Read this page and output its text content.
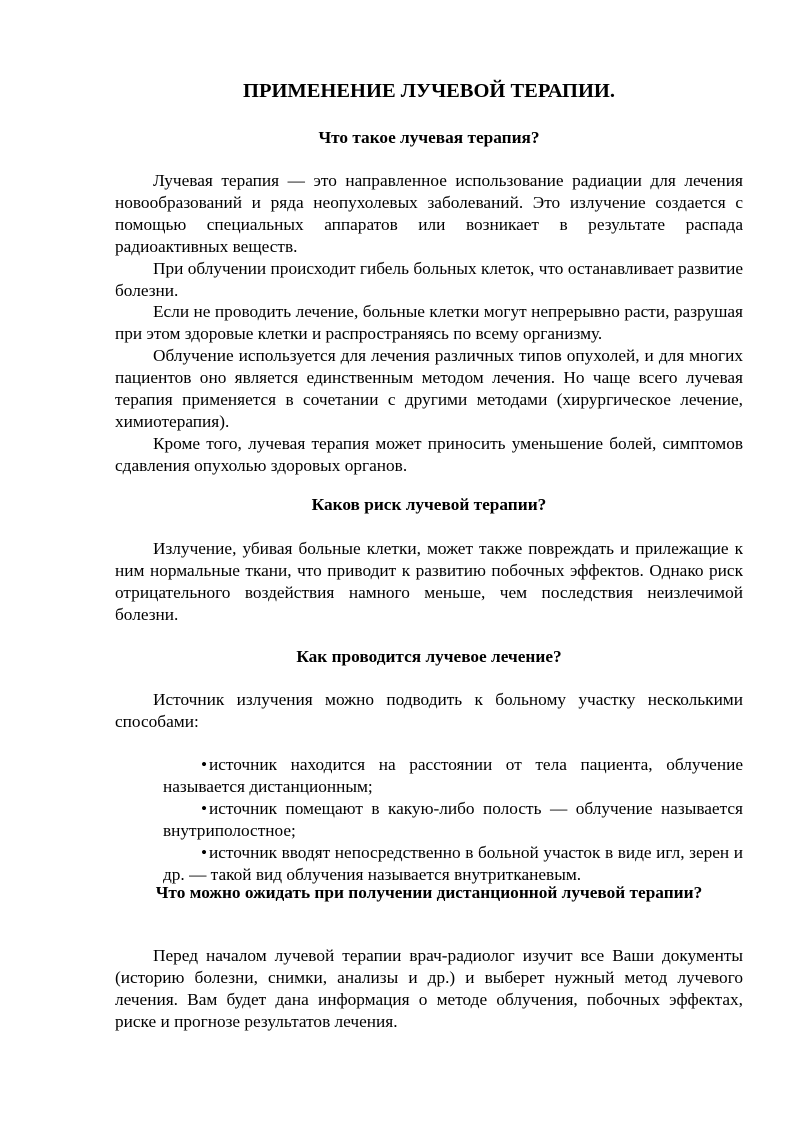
ПРИМЕНЕНИЕ ЛУЧЕВОЙ ТЕРАПИИ.

Что такое лучевая терапия?

Лучевая терапия — это направленное использование радиации для лечения новообразований и ряда неопухолевых заболеваний. Это излучение создается с помощью специальных аппаратов или возникает в результате распада радиоактивных веществ.

При облучении происходит гибель больных клеток, что останавливает развитие болезни.

Если не проводить лечение, больные клетки могут непрерывно расти, разрушая при этом здоровые клетки и распространяясь по всему организму.

Облучение используется для лечения различных типов опухолей, и для многих пациентов оно является единственным методом лечения. Но чаще всего лучевая терапия применяется в сочетании с другими методами (хирургическое лечение, химиотерапия).

Кроме того, лучевая терапия может приносить уменьшение болей, симптомов сдавления опухолью здоровых органов.

Каков риск лучевой терапии?

Излучение, убивая больные клетки, может также повреждать и прилежащие к ним нормальные ткани, что приводит к развитию побочных эффектов. Однако риск отрицательного воздействия намного меньше, чем последствия неизлечимой болезни.

Как проводится лучевое лечение?

Источник излучения можно подводить к больному участку несколькими способами:

• источник находится на расстоянии от тела пациента, облучение называется дистанционным;
• источник помещают в какую-либо полость — облучение называется внутриполостное;
• источник вводят непосредственно в больной участок в виде игл, зерен и др. — такой вид облучения называется внутритканевым.

Что можно ожидать при получении дистанционной лучевой терапии?

Перед началом лучевой терапии врач-радиолог изучит все Ваши документы (историю болезни, снимки, анализы и др.) и выберет нужный метод лучевого лечения. Вам будет дана информация о методе облучения, побочных эффектах, риске и прогнозе результатов лечения.
